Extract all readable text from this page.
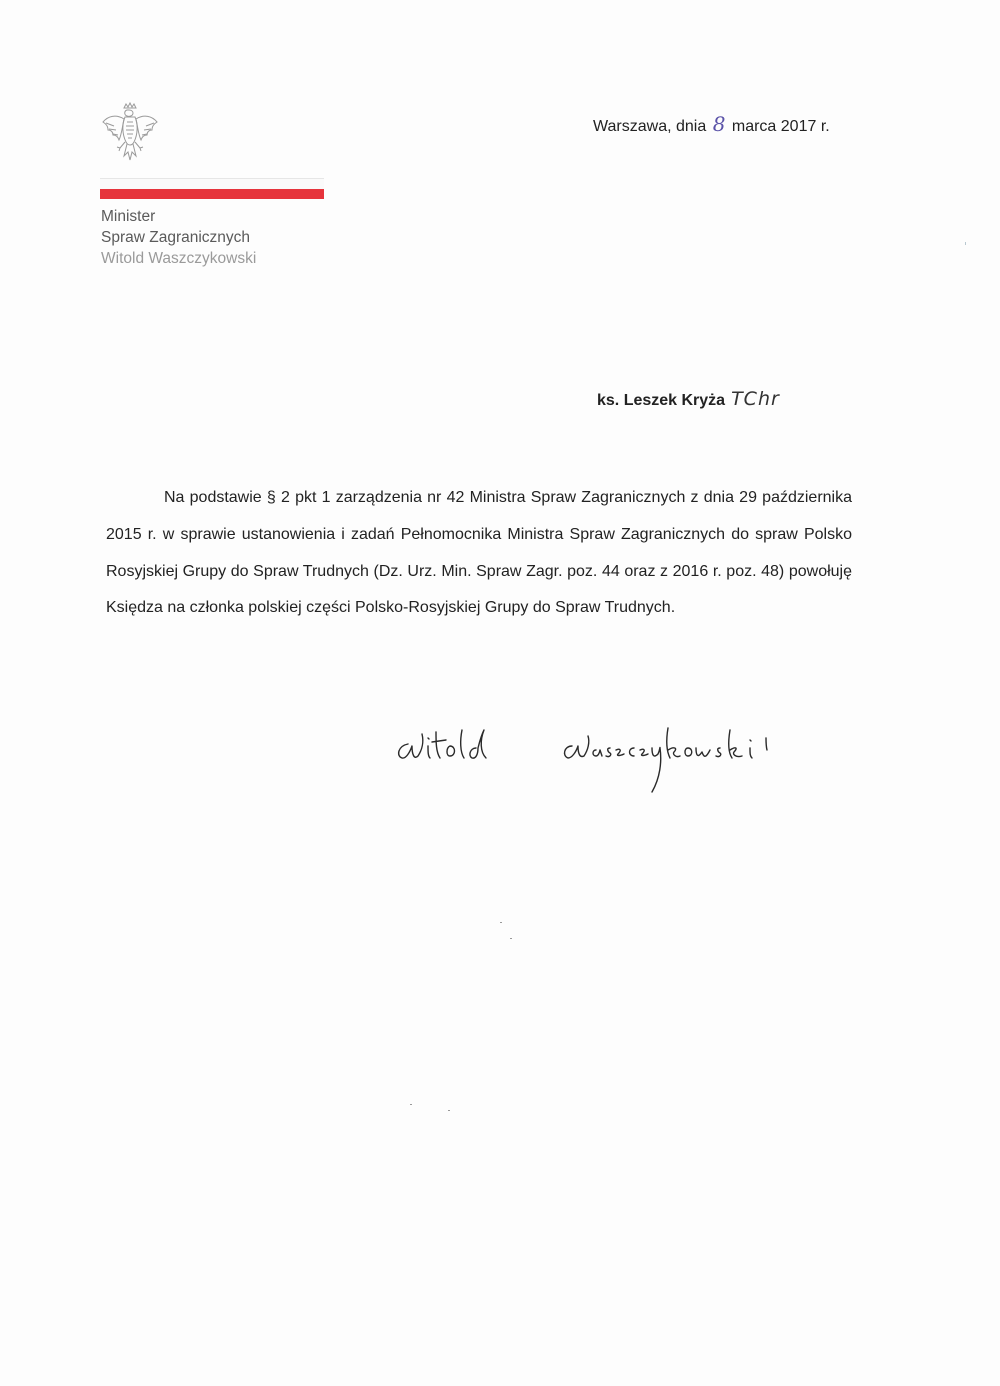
Minister
Spraw Zagranicznych
Witold Waszczykowski
Warszawa, dnia 8 marca 2017 r.
ks. Leszek Kryża TChr

Na podstawie § 2 pkt 1 zarządzenia nr 42 Ministra Spraw Zagranicznych z dnia 29 października 2015 r. w sprawie ustanowienia i zadań Pełnomocnika Ministra Spraw Zagranicznych do spraw Polsko Rosyjskiej Grupy do Spraw Trudnych (Dz. Urz. Min. Spraw Zagr. poz. 44 oraz z 2016 r. poz. 48) powołuję Księdza na członka polskiej części Polsko-Rosyjskiej Grupy do Spraw Trudnych.
